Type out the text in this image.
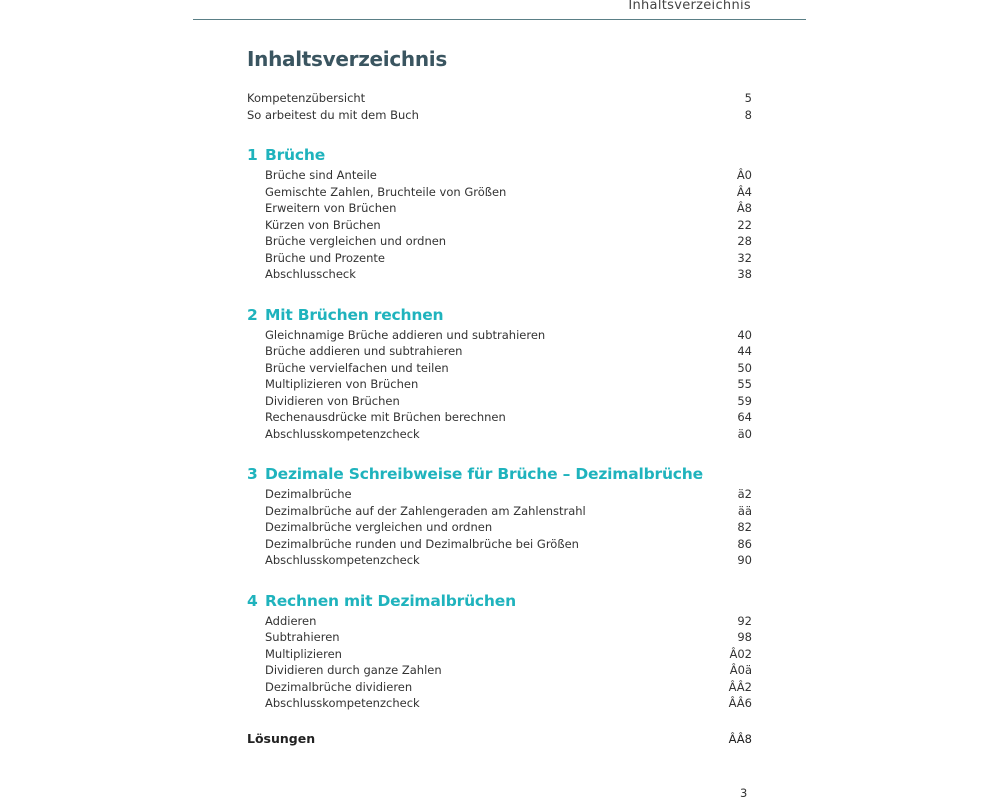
Inhaltsverzeichnis
Inhaltsverzeichnis
Kompetenzübersicht	5
So arbeitest du mit dem Buch	8
1 Brüche
Brüche sind Anteile	Â0
Gemischte Zahlen, Bruchteile von Größen	Â4
Erweitern von Brüchen	Â8
Kürzen von Brüchen	22
Brüche vergleichen und ordnen	28
Brüche und Prozente	32
Abschlusscheck	38
2 Mit Brüchen rechnen
Gleichnamige Brüche addieren und subtrahieren	40
Brüche addieren und subtrahieren	44
Brüche vervielfachen und teilen	50
Multiplizieren von Brüchen	55
Dividieren von Brüchen	59
Rechenausdrücke mit Brüchen berechnen	64
Abschlusskompetenzcheck	ä0
3 Dezimale Schreibweise für Brüche – Dezimalbrüche
Dezimalbrüche	ä2
Dezimalbrüche auf der Zahlengeraden am Zahlenstrahl	ää
Dezimalbrüche vergleichen und ordnen	82
Dezimalbrüche runden und Dezimalbrüche bei Größen	86
Abschlusskompetenzcheck	90
4 Rechnen mit Dezimalbrüchen
Addieren	92
Subtrahieren	98
Multiplizieren	Â02
Dividieren durch ganze Zahlen	Â0ä
Dezimalbrüche dividieren	ÂÂ2
Abschlusskompetenzcheck	ÂÂ6
Lösungen	ÂÂ8
3
